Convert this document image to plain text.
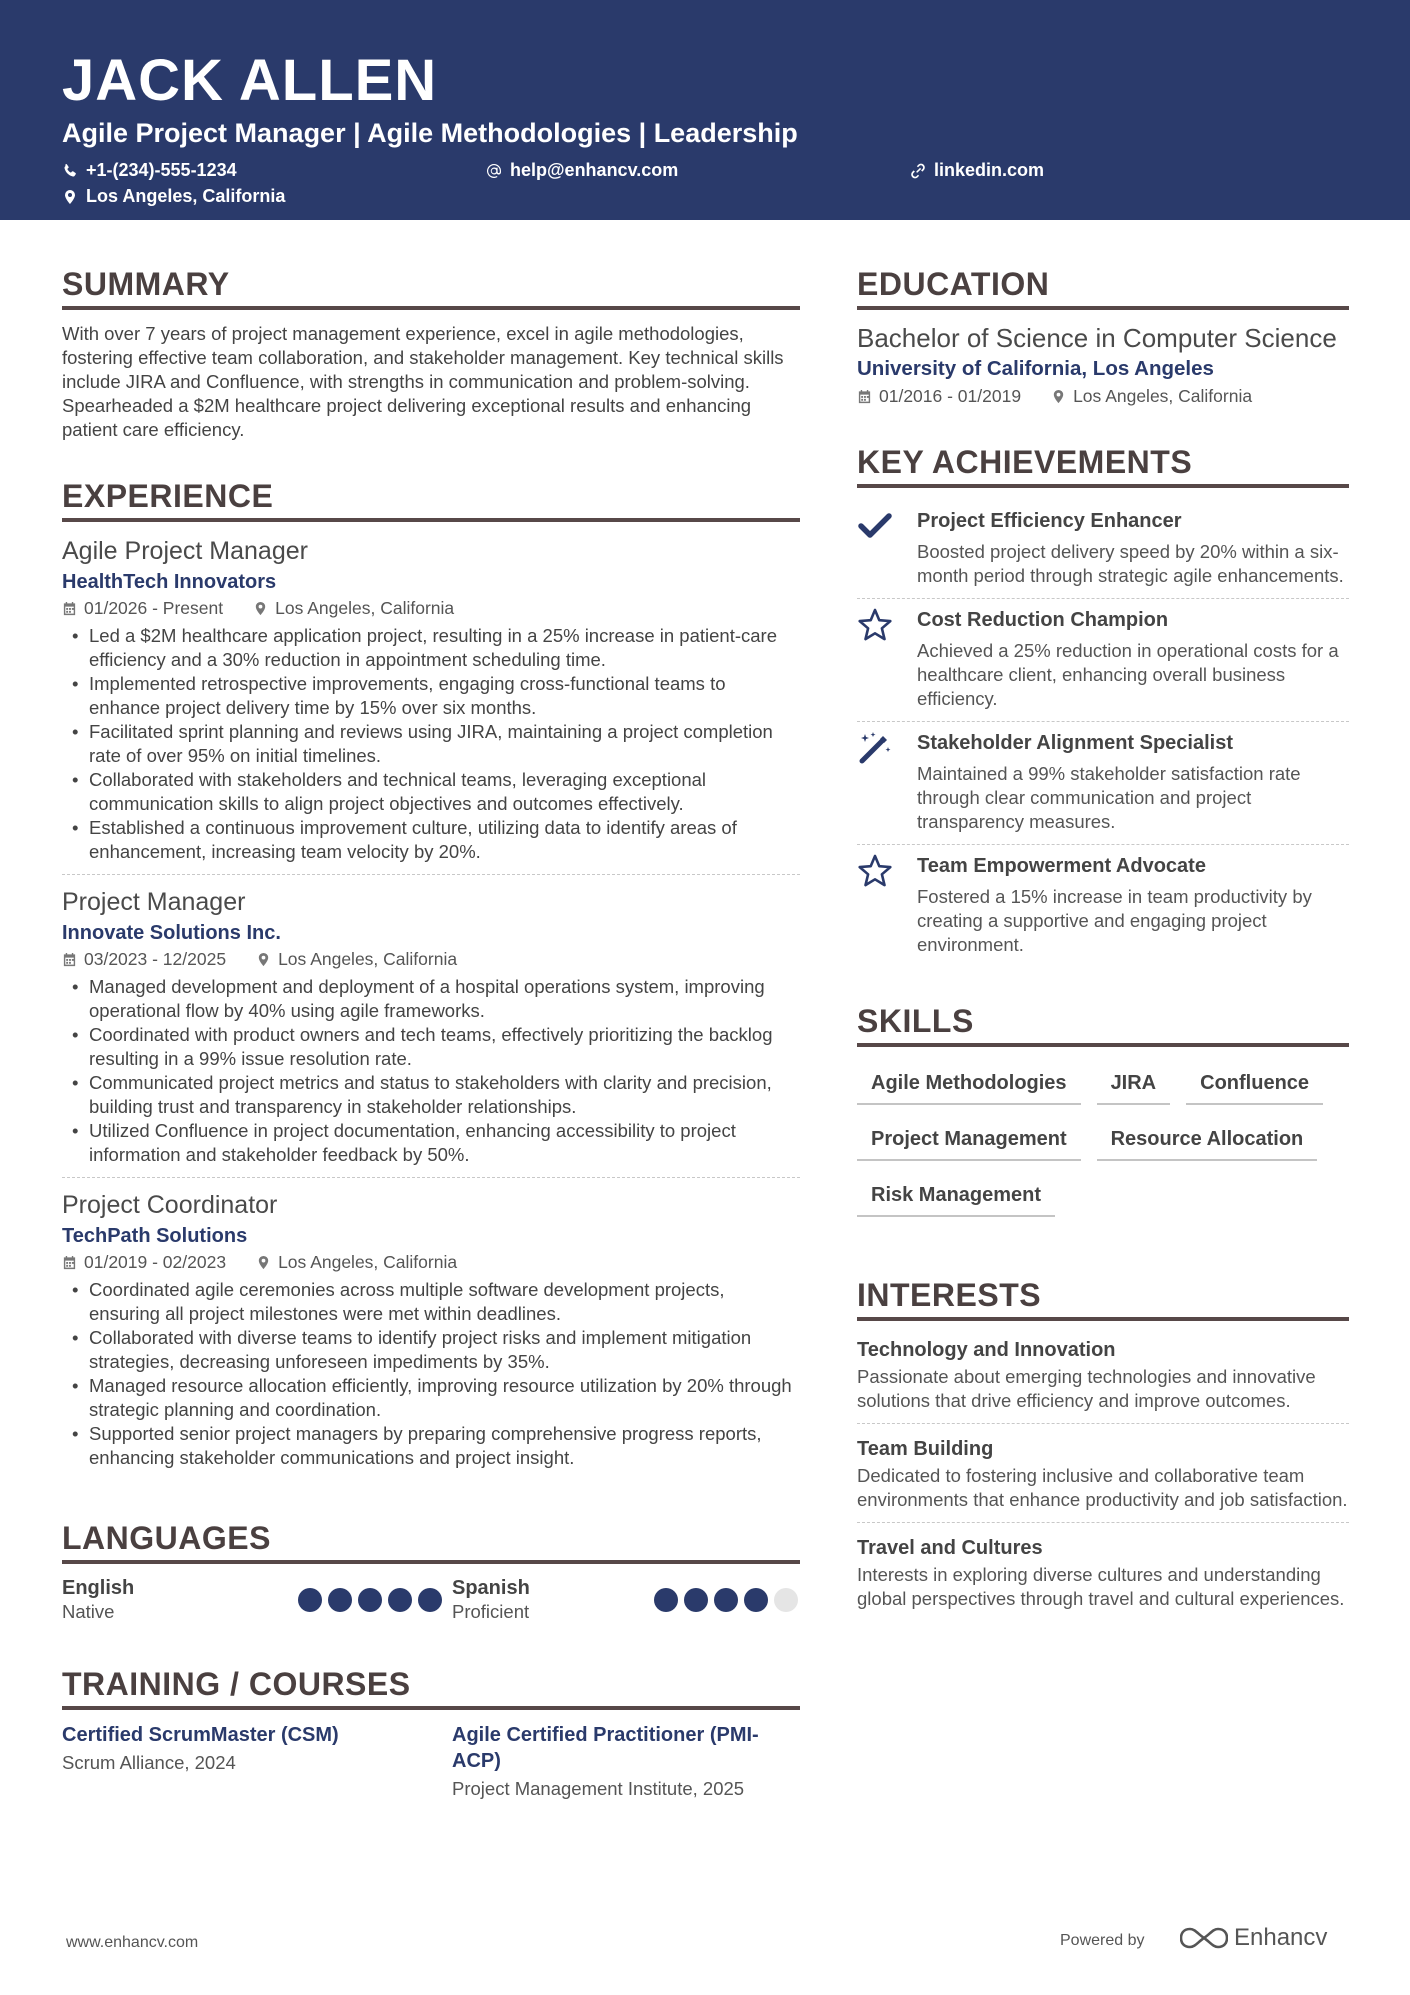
JACK ALLEN
Agile Project Manager | Agile Methodologies | Leadership
+1-(234)-555-1234	help@enhancv.com	linkedin.com
Los Angeles, California
SUMMARY
With over 7 years of project management experience, excel in agile methodologies, fostering effective team collaboration, and stakeholder management. Key technical skills include JIRA and Confluence, with strengths in communication and problem-solving. Spearheaded a $2M healthcare project delivering exceptional results and enhancing patient care efficiency.
EXPERIENCE
Agile Project Manager
HealthTech Innovators
01/2026 - Present	Los Angeles, California
• Led a $2M healthcare application project, resulting in a 25% increase in patient-care efficiency and a 30% reduction in appointment scheduling time.
• Implemented retrospective improvements, engaging cross-functional teams to enhance project delivery time by 15% over six months.
• Facilitated sprint planning and reviews using JIRA, maintaining a project completion rate of over 95% on initial timelines.
• Collaborated with stakeholders and technical teams, leveraging exceptional communication skills to align project objectives and outcomes effectively.
• Established a continuous improvement culture, utilizing data to identify areas of enhancement, increasing team velocity by 20%.
Project Manager
Innovate Solutions Inc.
03/2023 - 12/2025	Los Angeles, California
• Managed development and deployment of a hospital operations system, improving operational flow by 40% using agile frameworks.
• Coordinated with product owners and tech teams, effectively prioritizing the backlog resulting in a 99% issue resolution rate.
• Communicated project metrics and status to stakeholders with clarity and precision, building trust and transparency in stakeholder relationships.
• Utilized Confluence in project documentation, enhancing accessibility to project information and stakeholder feedback by 50%.
Project Coordinator
TechPath Solutions
01/2019 - 02/2023	Los Angeles, California
• Coordinated agile ceremonies across multiple software development projects, ensuring all project milestones were met within deadlines.
• Collaborated with diverse teams to identify project risks and implement mitigation strategies, decreasing unforeseen impediments by 35%.
• Managed resource allocation efficiently, improving resource utilization by 20% through strategic planning and coordination.
• Supported senior project managers by preparing comprehensive progress reports, enhancing stakeholder communications and project insight.
LANGUAGES
English
Native
Spanish
Proficient
TRAINING / COURSES
Certified ScrumMaster (CSM)
Scrum Alliance, 2024
Agile Certified Practitioner (PMI-ACP)
Project Management Institute, 2025
EDUCATION
Bachelor of Science in Computer Science
University of California, Los Angeles
01/2016 - 01/2019	Los Angeles, California
KEY ACHIEVEMENTS
Project Efficiency Enhancer
Boosted project delivery speed by 20% within a six-month period through strategic agile enhancements.
Cost Reduction Champion
Achieved a 25% reduction in operational costs for a healthcare client, enhancing overall business efficiency.
Stakeholder Alignment Specialist
Maintained a 99% stakeholder satisfaction rate through clear communication and project transparency measures.
Team Empowerment Advocate
Fostered a 15% increase in team productivity by creating a supportive and engaging project environment.
SKILLS
Agile Methodologies	JIRA	Confluence
Project Management	Resource Allocation
Risk Management
INTERESTS
Technology and Innovation
Passionate about emerging technologies and innovative solutions that drive efficiency and improve outcomes.
Team Building
Dedicated to fostering inclusive and collaborative team environments that enhance productivity and job satisfaction.
Travel and Cultures
Interests in exploring diverse cultures and understanding global perspectives through travel and cultural experiences.
www.enhancv.com	Powered by	Enhancv
